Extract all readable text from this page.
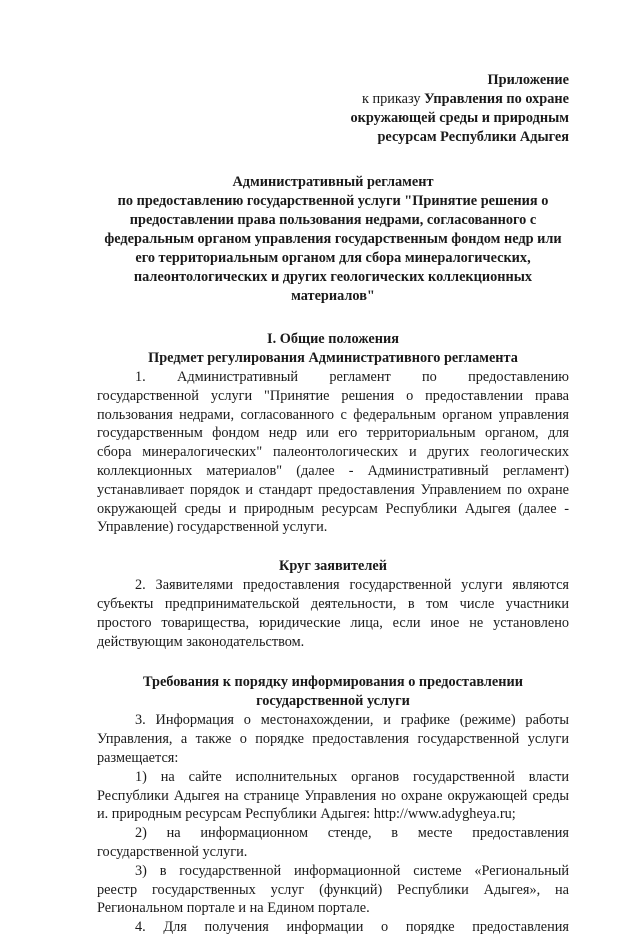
Приложение
к приказу Управления по охране
окружающей среды и природным
ресурсам Республики Адыгея
Административный регламент
по предоставлению государственной услуги "Принятие решения о
предоставлении права пользования недрами, согласованного с
федеральным органом управления государственным фондом недр или
его территориальным органом для сбора минералогических,
палеонтологических и других геологических коллекционных
материалов"
I. Общие положения
Предмет регулирования Административного регламента

1. Административный регламент по предоставлению
государственной услуги "Принятие решения о предоставлении права
пользования недрами, согласованного с федеральным органом управления
государственным фондом недр или его территориальным органом, для
сбора минералогических" палеонтологических и других геологических
коллекционных материалов" (далее - Административный регламент)
устанавливает порядок и стандарт предоставления Управлением по охране
окружающей среды и природным ресурсам Республики Адыгея (далее -
Управление) государственной услуги.

Круг заявителей

2. Заявителями предоставления государственной услуги являются
субъекты предпринимательской деятельности, в том числе участники
простого товарищества, юридические лица, если иное не установлено
действующим законодательством.

Требования к порядку информирования о предоставлении
государственной услуги

3. Информация о местонахождении, и графике (режиме) работы
Управления, а также о порядке предоставления государственной услуги
размещается:

1) на сайте исполнительных органов государственной власти
Республики Адыгея на странице Управления но охране окружающей среды
и. природным ресурсам Республики Адыгея: http://www.adygheya.ru;

2) на информационном стенде, в месте предоставления
государственной услуги.

3) в государственной информационной системе «Региональный
реестр государственных услуг (функций) Республики Адыгея», на
Региональном портале и на Едином портале.

4. Для получения информации о порядке предоставления
